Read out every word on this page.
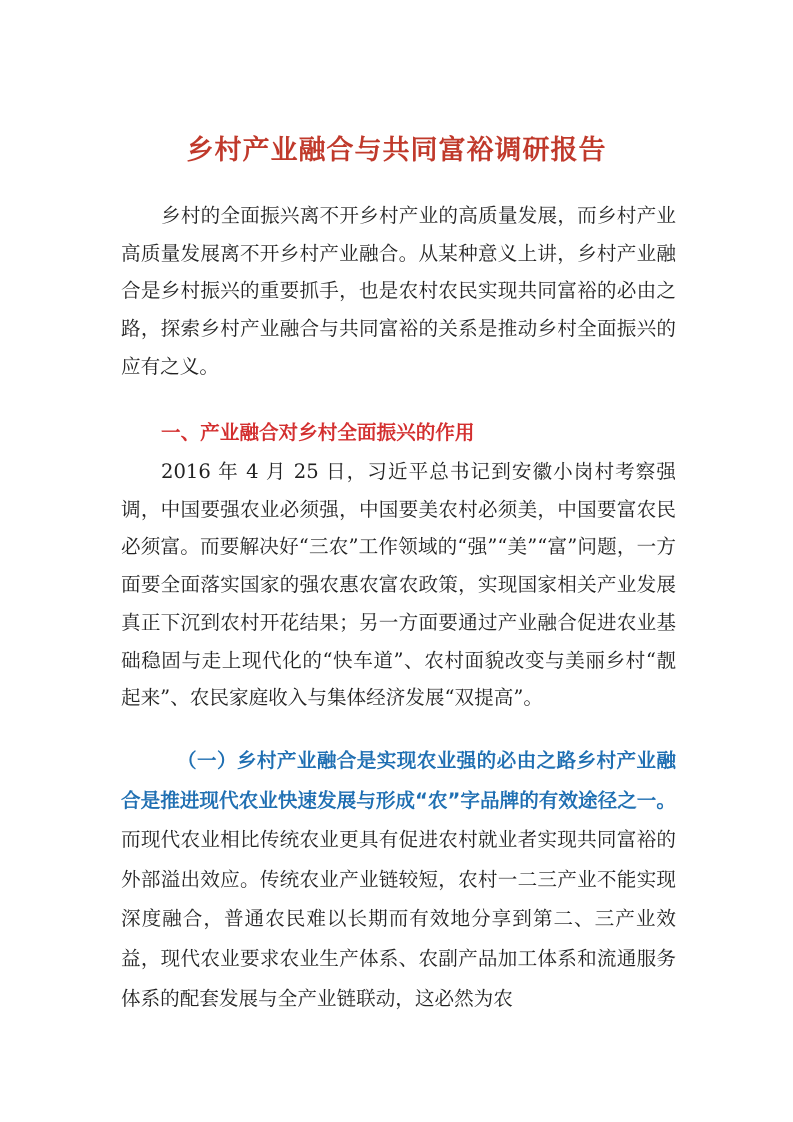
乡村产业融合与共同富裕调研报告
乡村的全面振兴离不开乡村产业的高质量发展，而乡村产业高质量发展离不开乡村产业融合。从某种意义上讲，乡村产业融合是乡村振兴的重要抓手，也是农村农民实现共同富裕的必由之路，探索乡村产业融合与共同富裕的关系是推动乡村全面振兴的应有之义。
一、产业融合对乡村全面振兴的作用
2016 年 4 月 25 日，习近平总书记到安徽小岗村考察强调，中国要强农业必须强，中国要美农村必须美，中国要富农民必须富。而要解决好“三农”工作领域的“强”“美”“富”问题，一方面要全面落实国家的强农惠农富农政策，实现国家相关产业发展真正下沉到农村开花结果；另一方面要通过产业融合促进农业基础稳固与走上现代化的“快车道”、农村面貌改变与美丽乡村“靓起来”、农民家庭收入与集体经济发展“双提高”。
（一）乡村产业融合是实现农业强的必由之路乡村产业融合是推进现代农业快速发展与形成“农”字品牌的有效途径之一。而现代农业相比传统农业更具有促进农村就业者实现共同富裕的外部溢出效应。传统农业产业链较短，农村一二三产业不能实现深度融合，普通农民难以长期而有效地分享到第二、三产业效益，现代农业要求农业生产体系、农副产品加工体系和流通服务体系的配套发展与全产业链联动，这必然为农
